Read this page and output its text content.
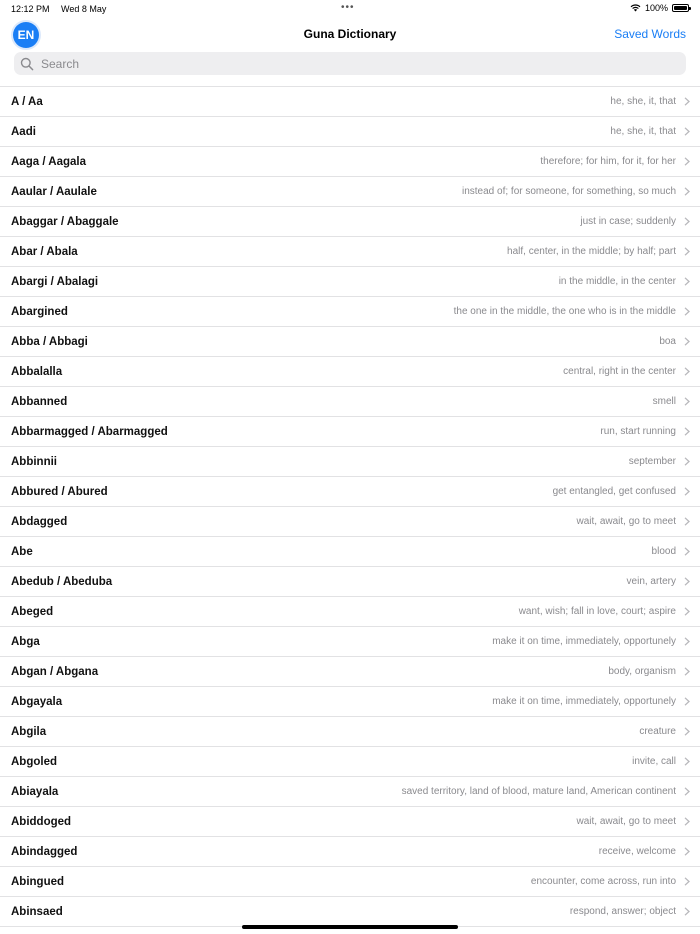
12:12 PM Wed 8 May	•••	100%
EN	Guna Dictionary	Saved Words
Search
A / Aa	he, she, it, that
Aadi	he, she, it, that
Aaga / Aagala	therefore; for him, for it, for her
Aaular / Aaulale	instead of; for someone, for something, so much
Abaggar / Abaggale	just in case; suddenly
Abar / Abala	half, center, in the middle; by half; part
Abargi / Abalagi	in the middle, in the center
Abargined	the one in the middle, the one who is in the middle
Abba / Abbagi	boa
Abbalalla	central, right in the center
Abbanned	smell
Abbarmagged / Abarmagged	run, start running
Abbinnii	september
Abbured / Abured	get entangled, get confused
Abdagged	wait, await, go to meet
Abe	blood
Abedub / Abeduba	vein, artery
Abeged	want, wish; fall in love, court; aspire
Abga	make it on time, immediately, opportunely
Abgan / Abgana	body, organism
Abgayala	make it on time, immediately, opportunely
Abgila	creature
Abgoled	invite, call
Abiayala	saved territory, land of blood, mature land, American continent
Abiddoged	wait, await, go to meet
Abindagged	receive, welcome
Abingued	encounter, come across, run into
Abinsaed	respond, answer; object
